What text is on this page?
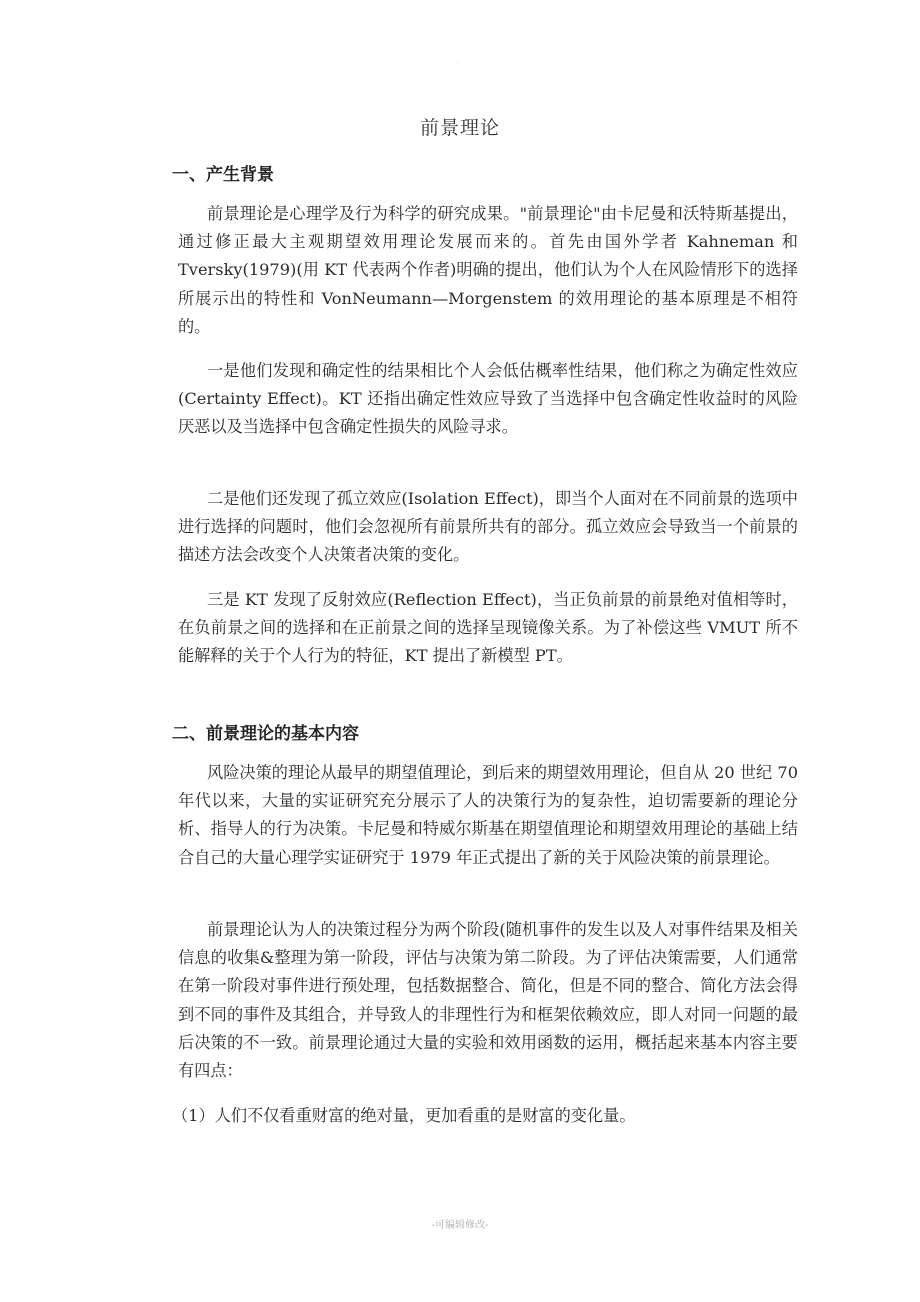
·
前景理论
一、产生背景

前景理论是心理学及行为科学的研究成果。"前景理论"由卡尼曼和沃特斯基提出，通过修正最大主观期望效用理论发展而来的。首先由国外学者 Kahneman 和 Tversky(1979)(用 KT 代表两个作者)明确的提出，他们认为个人在风险情形下的选择所展示出的特性和 VonNeumann—Morgenstem 的效用理论的基本原理是不相符的。

一是他们发现和确定性的结果相比个人会低估概率性结果，他们称之为确定性效应(Certainty Effect)。KT 还指出确定性效应导致了当选择中包含确定性收益时的风险厌恶以及当选择中包含确定性损失的风险寻求。

二是他们还发现了孤立效应(Isolation Effect)，即当个人面对在不同前景的选项中进行选择的问题时，他们会忽视所有前景所共有的部分。孤立效应会导致当一个前景的描述方法会改变个人决策者决策的变化。

三是 KT 发现了反射效应(Reflection Effect)，当正负前景的前景绝对值相等时，在负前景之间的选择和在正前景之间的选择呈现镜像关系。为了补偿这些 VMUT 所不能解释的关于个人行为的特征，KT 提出了新模型 PT。

二、前景理论的基本内容

风险决策的理论从最早的期望值理论，到后来的期望效用理论，但自从 20 世纪 70 年代以来，大量的实证研究充分展示了人的决策行为的复杂性，迫切需要新的理论分析、指导人的行为决策。卡尼曼和特威尔斯基在期望值理论和期望效用理论的基础上结合自己的大量心理学实证研究于 1979 年正式提出了新的关于风险决策的前景理论。

前景理论认为人的决策过程分为两个阶段(随机事件的发生以及人对事件结果及相关信息的收集&整理为第一阶段，评估与决策为第二阶段。为了评估决策需要，人们通常在第一阶段对事件进行预处理，包括数据整合、简化，但是不同的整合、简化方法会得到不同的事件及其组合，并导致人的非理性行为和框架依赖效应，即人对同一问题的最后决策的不一致。前景理论通过大量的实验和效用函数的运用，概括起来基本内容主要有四点：

（1）人们不仅看重财富的绝对量，更加看重的是财富的变化量。

-可编辑修改-
